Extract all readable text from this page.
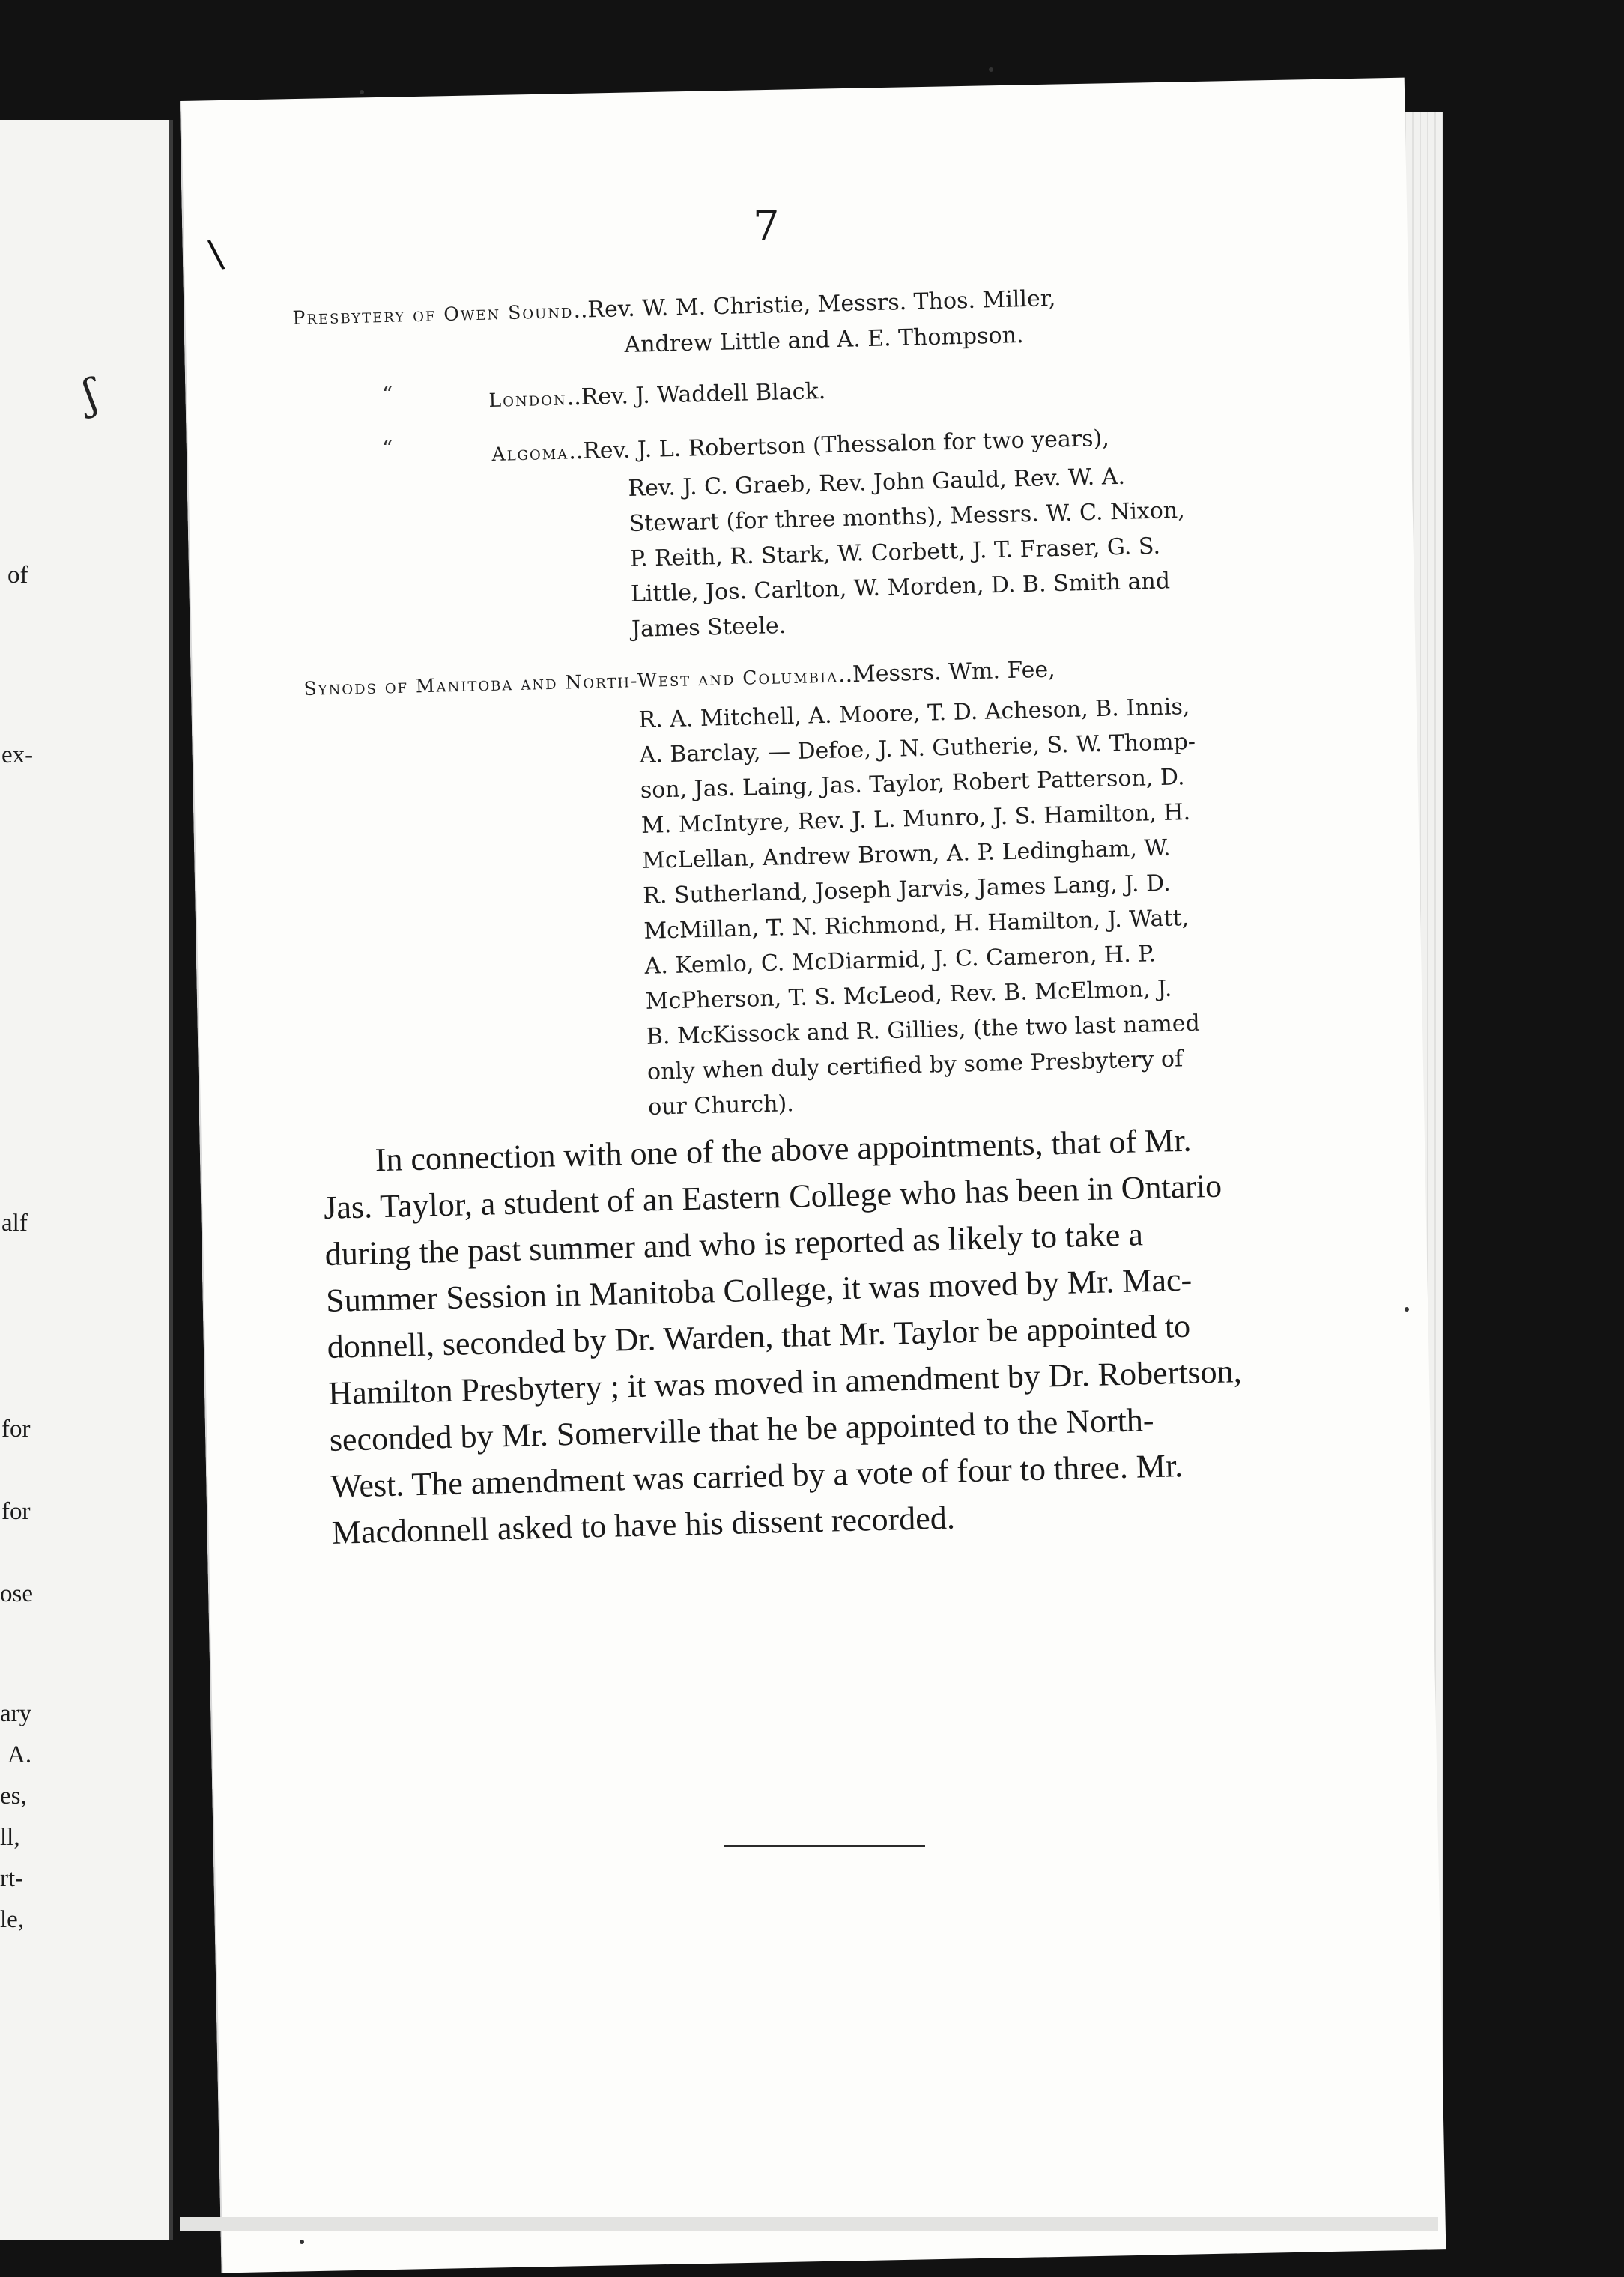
ʃ
of
ex-
alf
for
for
ose
ary
A.
es,
ll,
rt-
le,
\
7
Presbytery of Owen Sound..Rev. W. M. Christie, Messrs. Thos. Miller,
Andrew Little and A. E. Thompson.
“	London..Rev. J. Waddell Black.
“	Algoma..Rev. J. L. Robertson (Thessalon for two years),
Rev. J. C. Graeb, Rev. John Gauld, Rev. W. A.
Stewart (for three months), Messrs. W. C. Nixon,
P. Reith, R. Stark, W. Corbett, J. T. Fraser, G. S.
Little, Jos. Carlton, W. Morden, D. B. Smith and
James Steele.
Synods of Manitoba and North-West and Columbia..Messrs. Wm. Fee,
R. A. Mitchell, A. Moore, T. D. Acheson, B. Innis,
A. Barclay, — Defoe, J. N. Gutherie, S. W. Thomp-
son, Jas. Laing, Jas. Taylor, Robert Patterson, D.
M. McIntyre, Rev. J. L. Munro, J. S. Hamilton, H.
McLellan, Andrew Brown, A. P. Ledingham, W.
R. Sutherland, Joseph Jarvis, James Lang, J. D.
McMillan, T. N. Richmond, H. Hamilton, J. Watt,
A. Kemlo, C. McDiarmid, J. C. Cameron, H. P.
McPherson, T. S. McLeod, Rev. B. McElmon, J.
B. McKissock and R. Gillies, (the two last named
only when duly certified by some Presbytery of
our Church).
In connection with one of the above appointments, that of Mr.
Jas. Taylor, a student of an Eastern College who has been in Ontario
during the past summer and who is reported as likely to take a
Summer Session in Manitoba College, it was moved by Mr. Mac-
donnell, seconded by Dr. Warden, that Mr. Taylor be appointed to
Hamilton Presbytery ; it was moved in amendment by Dr. Robertson,
seconded by Mr. Somerville that he be appointed to the North-
West. The amendment was carried by a vote of four to three. Mr.
Macdonnell asked to have his dissent recorded.
